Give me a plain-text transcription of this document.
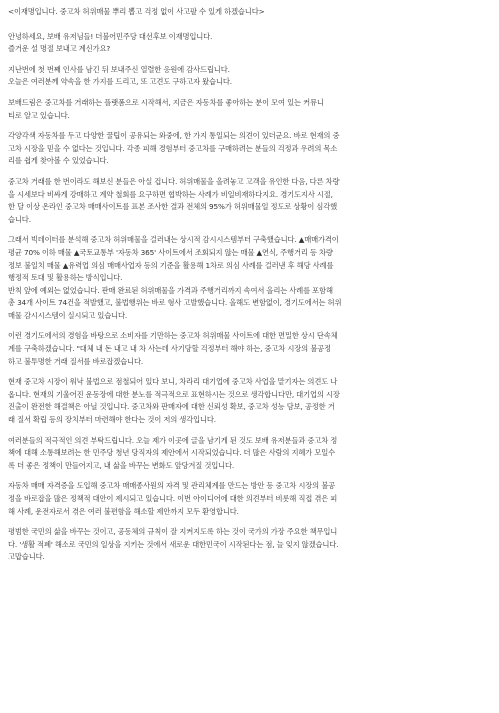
<이재명입니다. 중고차 허위매물 뿌리 뽑고 걱정 없이 사고팔 수 있게 하겠습니다>
안녕하세요, 보배 유저님들! 더불어민주당 대선후보 이재명입니다.
즐거운 설 명절 보내고 계신가요?
지난번에 첫 번째 인사를 남긴 뒤 보내주신 열렬한 응원에 감사드립니다.
오늘은 여러분께 약속을 한 가지를 드리고, 또 고견도 구하고자 왔습니다.
보배드림은 중고차를 거래하는 플랫폼으로 시작해서, 지금은 자동차를 좋아하는 분이 모여 있는 커뮤니
티로 알고 있습니다.
각양각색 자동차를 두고 다양한 꿀팁이 공유되는 와중에, 한 가지 통일되는 의견이 있더군요. 바로 현재의 중
고차 시장을 믿을 수 없다는 것입니다. 각종 피해 경험부터 중고차를 구매하려는 분들의 걱정과 우려의 목소
리를 쉽게 찾아볼 수 있었습니다.
중고차 거래를 한 번이라도 해보신 분들은 아실 겁니다. 허위매물을 올려놓고 고객을 유인한 다음, 다른 차량
을 시세보다 비싸게 강매하고 계약 철회를 요구하면 협박하는 사례가 비일비재하다지요. 경기도지사 시절,
한 달 이상 온라인 중고차 매매사이트를 표본 조사한 결과 전체의 95%가 허위매물일 정도로 상황이 심각했
습니다.
그래서 빅데이터를 분석해 중고차 허위매물을 걸러내는 상시적 감시시스템부터 구축했습니다. ▲매매가격이
평균 70% 이하 매물 ▲국토교통부 '자동차 365' 사이트에서 조회되지 않는 매물 ▲연식, 주행거리 등 차량
정보 불일치 매물 ▲유력업 의심 매매사업자 등의 기준을 활용해 1차로 의심 사례를 걸러낸 후 해당 사례를
행정적 토대 및 활용하는 방식입니다.
반칙 앞에 예외는 없었습니다. 판매 완료된 허위매물을 가격과 주행거리까지 속여서 올리는 사례를 포함해
총 34개 사이트 74건을 적발했고, 불법행위는 바로 형사 고발했습니다. 올해도 변함없이, 경기도에서는 허위
매물 감시시스템이 실시되고 있습니다.
이런 경기도에서의 경험을 바탕으로 소비자를 기만하는 중고차 허위매물 사이트에 대한 면밀한 상시 단속체
계를 구축하겠습니다. "대체 내 돈 내고 내 차 사는데 사기당할 걱정부터 해야 하는, 중고차 시장의 불공정
하고 불투명한 거래 질서를 바로잡겠습니다.
현재 중고차 시장이 워낙 불법으로 점철되어 있다 보니, 차라리 대기업에 중고차 사업을 맡기자는 의견도 나
옵니다. 현재의 기울어진 운동장에 대한 분노를 적극적으로 표현하시는 것으로 생각합니다만, 대기업의 시장
진출이 완전한 해결책은 아닐 것입니다. 중고차와 판매자에 대한 신뢰성 확보, 중고차 성능 담보, 공정한 거
래 질서 확립 등의 장치부터 마련해야 한다는 것이 저의 생각입니다.
여러분들의 적극적인 의견 부탁드립니다. 오늘 제가 이곳에 글을 남기게 된 것도 보배 유저분들과 중고차 정
책에 대해 소통해보려는 한 민주당 청년 당직자의 제안에서 시작되었습니다. 더 많은 사람의 지혜가 모일수
록 더 좋은 정책이 만들어지고, 내 삶을 바꾸는 변화도 앞당겨질 것입니다.
자동차 매매 자격증을 도입해 중고차 매매종사원의 자격 및 관리체계를 만드는 방안 등 중고차 시장의 불공
정을 바로잡을 많은 정책적 대안이 제시되고 있습니다. 이번 아이디어에 대한 의견부터 비롯해 직접 겪은 피
해 사례, 운전자로서 겪은 여러 불편함을 해소할 제안까지 모두 환영합니다.
평범한 국민의 삶을 바꾸는 것이고, 공동체의 규칙이 잘 지켜지도록 하는 것이 국가의 가장 주요한 책무입니
다. '생활 적폐' 해소로 국민의 일상을 지키는 것에서 새로운 대한민국이 시작된다는 점, 늘 잊지 않겠습니다.
고맙습니다.
